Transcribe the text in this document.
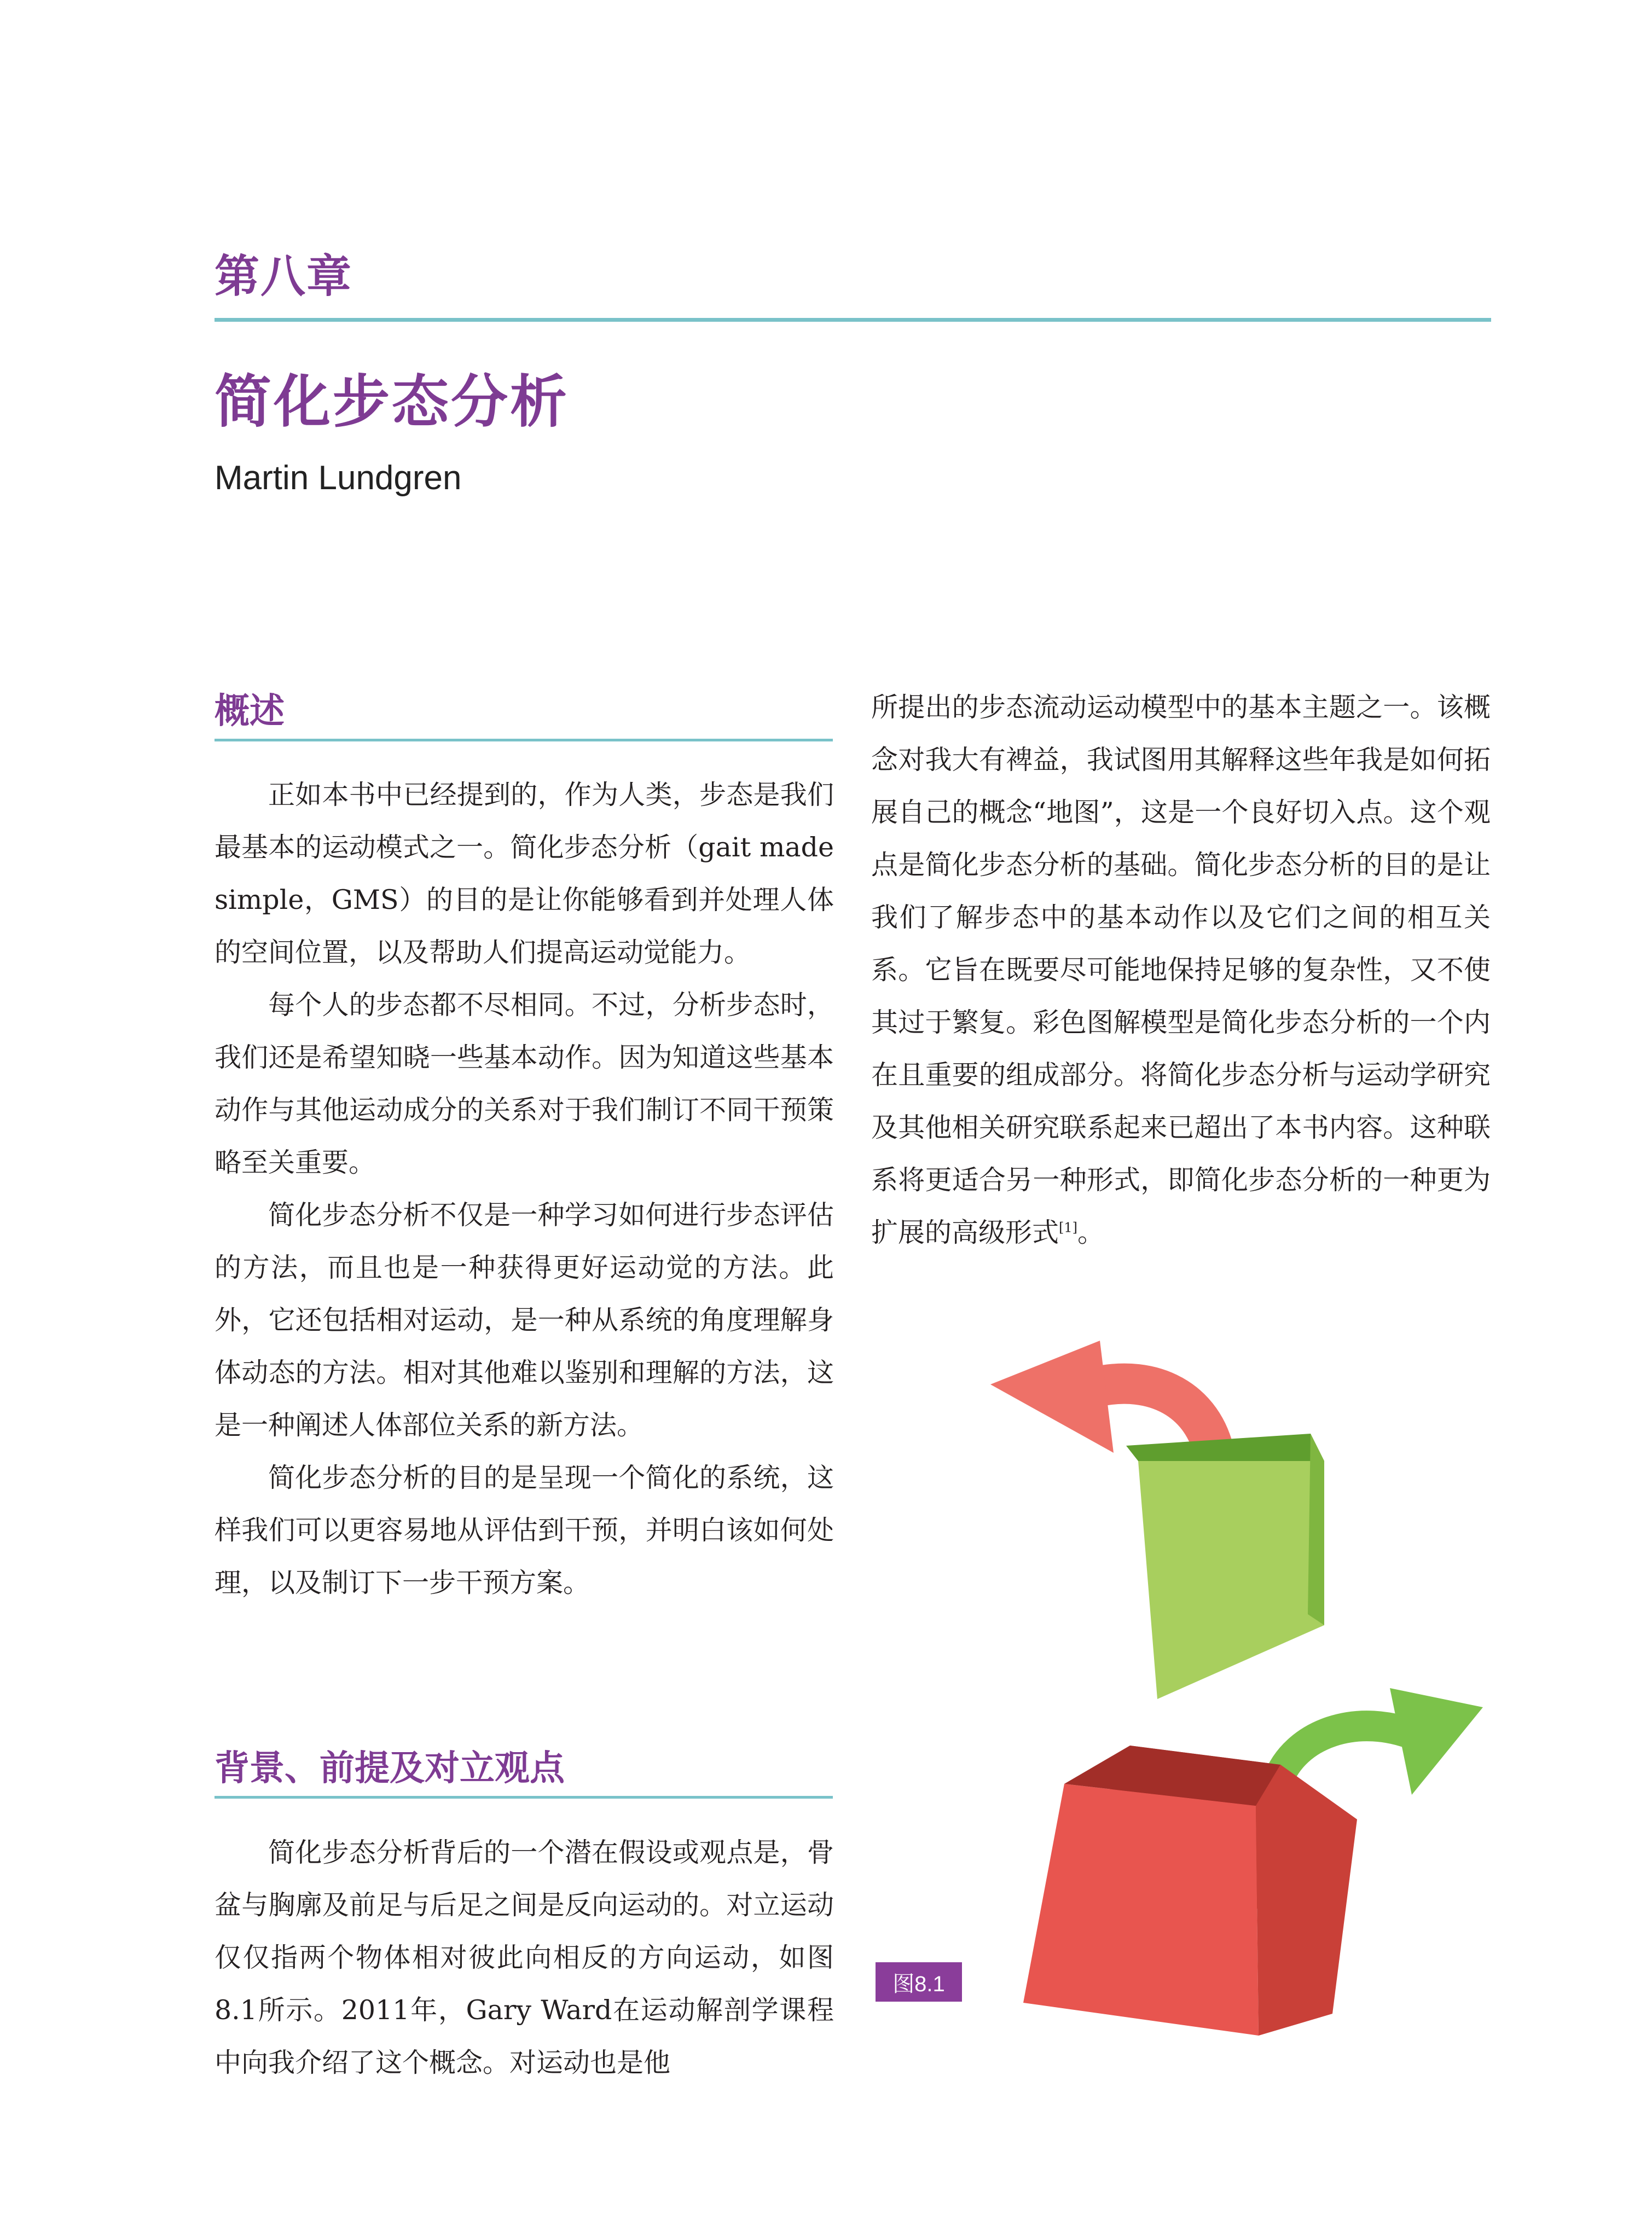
第八章
简化步态分析
Martin Lundgren
概述

正如本书中已经提到的，作为人类，步态是我们最基本的运动模式之一。简化步态分析（gait made simple，GMS）的目的是让你能够看到并处理人体的空间位置，以及帮助人们提高运动觉能力。

每个人的步态都不尽相同。不过，分析步态时，我们还是希望知晓一些基本动作。因为知道这些基本动作与其他运动成分的关系对于我们制订不同干预策略至关重要。

简化步态分析不仅是一种学习如何进行步态评估的方法，而且也是一种获得更好运动觉的方法。此外，它还包括相对运动，是一种从系统的角度理解身体动态的方法。相对其他难以鉴别和理解的方法，这是一种阐述人体部位关系的新方法。

简化步态分析的目的是呈现一个简化的系统，这样我们可以更容易地从评估到干预，并明白该如何处理，以及制订下一步干预方案。

背景、前提及对立观点

简化步态分析背后的一个潜在假设或观点是，骨盆与胸廓及前足与后足之间是反向运动的。对立运动仅仅指两个物体相对彼此向相反的方向运动，如图8.1所示。2011年，Gary Ward在运动解剖学课程中向我介绍了这个概念。对运动也是他

所提出的步态流动运动模型中的基本主题之一。该概念对我大有裨益，我试图用其解释这些年我是如何拓展自己的概念“地图”，这是一个良好切入点。这个观点是简化步态分析的基础。简化步态分析的目的是让我们了解步态中的基本动作以及它们之间的相互关系。它旨在既要尽可能地保持足够的复杂性，又不使其过于繁复。彩色图解模型是简化步态分析的一个内在且重要的组成部分。将简化步态分析与运动学研究及其他相关研究联系起来已超出了本书内容。这种联系将更适合另一种形式，即简化步态分析的一种更为扩展的高级形式[1]。

图8.1
